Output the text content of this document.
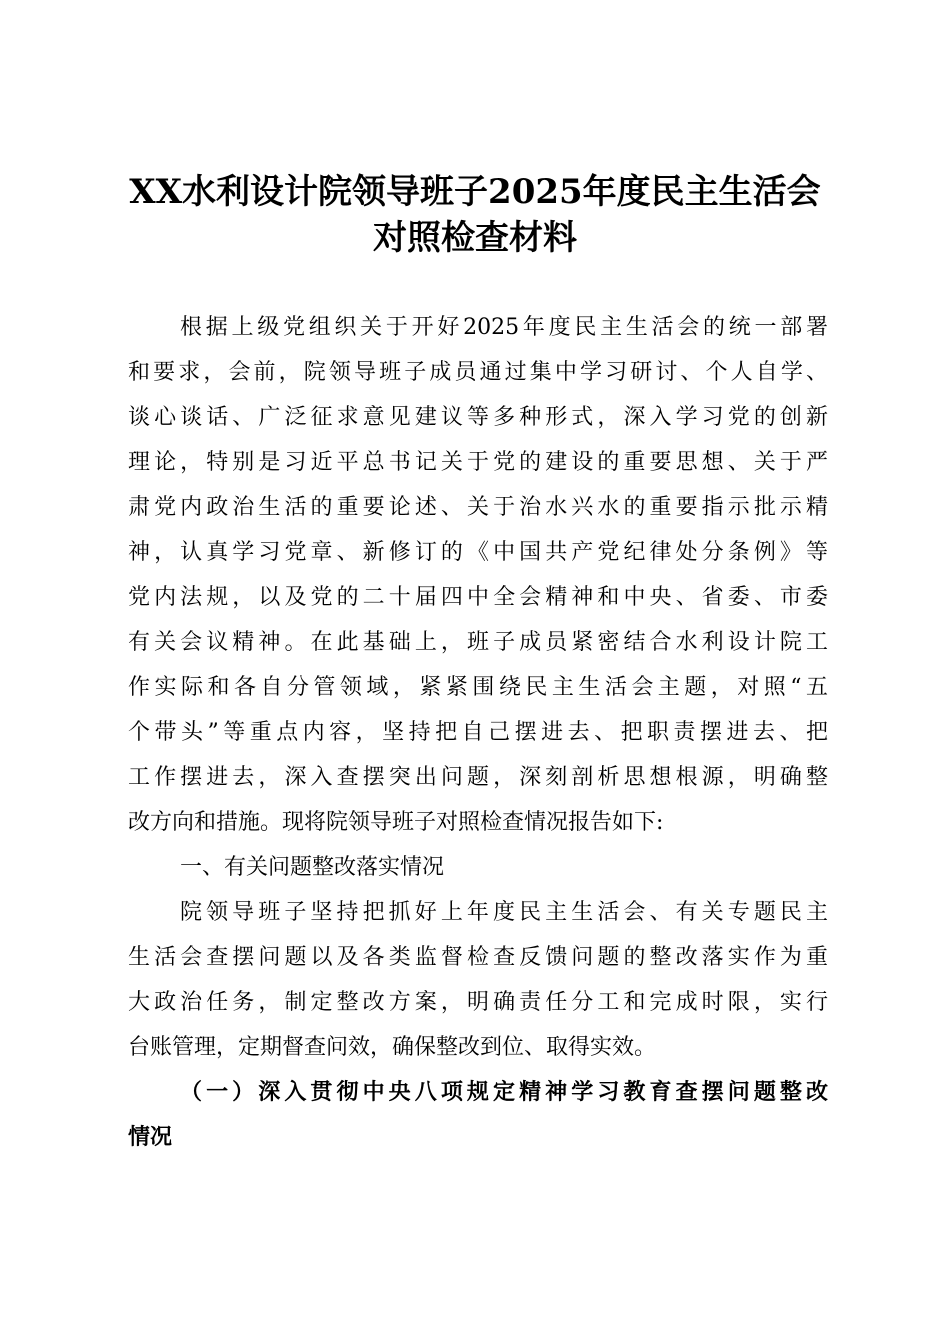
XX水利设计院领导班子2025年度民主生活会
对照检查材料
根据上级党组织关于开好2025年度民主生活会的统一部署
和要求，会前，院领导班子成员通过集中学习研讨、个人自学、
谈心谈话、广泛征求意见建议等多种形式，深入学习党的创新
理论，特别是习近平总书记关于党的建设的重要思想、关于严
肃党内政治生活的重要论述、关于治水兴水的重要指示批示精
神，认真学习党章、新修订的《中国共产党纪律处分条例》等
党内法规，以及党的二十届四中全会精神和中央、省委、市委
有关会议精神。在此基础上，班子成员紧密结合水利设计院工
作实际和各自分管领域，紧紧围绕民主生活会主题，对照“五
个带头”等重点内容，坚持把自己摆进去、把职责摆进去、把
工作摆进去，深入查摆突出问题，深刻剖析思想根源，明确整
改方向和措施。现将院领导班子对照检查情况报告如下:
一、有关问题整改落实情况
院领导班子坚持把抓好上年度民主生活会、有关专题民主
生活会查摆问题以及各类监督检查反馈问题的整改落实作为重
大政治任务，制定整改方案，明确责任分工和完成时限，实行
台账管理，定期督查问效，确保整改到位、取得实效。
（一）深入贯彻中央八项规定精神学习教育查摆问题整改
情况
